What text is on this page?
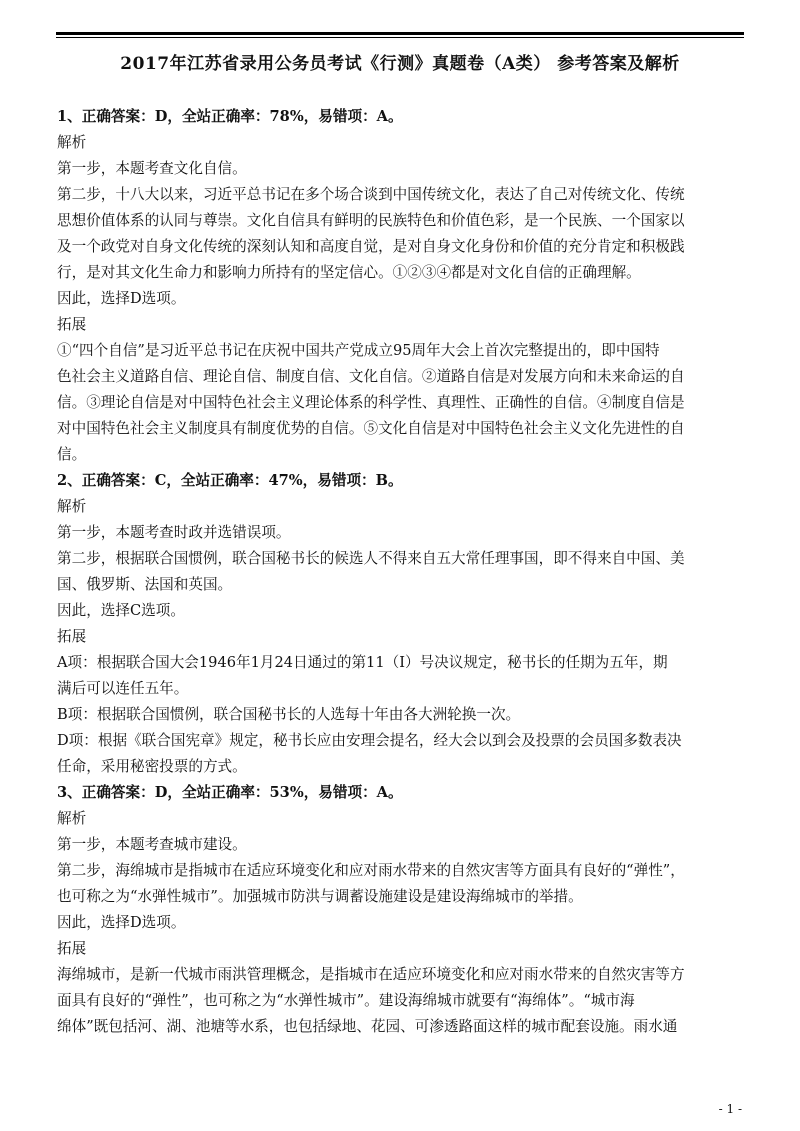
2017年江苏省录用公务员考试《行测》真题卷（A类） 参考答案及解析

1、正确答案：D，全站正确率：78%，易错项：A。

解析

第一步，本题考查文化自信。

第二步，十八大以来，习近平总书记在多个场合谈到中国传统文化，表达了自己对传统文化、传统

思想价值体系的认同与尊崇。文化自信具有鲜明的民族特色和价值色彩，是一个民族、一个国家以

及一个政党对自身文化传统的深刻认知和高度自觉，是对自身文化身份和价值的充分肯定和积极践

行，是对其文化生命力和影响力所持有的坚定信心。①②③④都是对文化自信的正确理解。

因此，选择D选项。

拓展

①“四个自信”是习近平总书记在庆祝中国共产党成立95周年大会上首次完整提出的，即中国特

色社会主义道路自信、理论自信、制度自信、文化自信。②道路自信是对发展方向和未来命运的自

信。③理论自信是对中国特色社会主义理论体系的科学性、真理性、正确性的自信。④制度自信是

对中国特色社会主义制度具有制度优势的自信。⑤文化自信是对中国特色社会主义文化先进性的自

信。

2、正确答案：C，全站正确率：47%，易错项：B。

解析

第一步，本题考查时政并选错误项。

第二步，根据联合国惯例，联合国秘书长的候选人不得来自五大常任理事国，即不得来自中国、美

国、俄罗斯、法国和英国。

因此，选择C选项。

拓展

A项：根据联合国大会1946年1月24日通过的第11（I）号决议规定，秘书长的任期为五年，期

满后可以连任五年。

B项：根据联合国惯例，联合国秘书长的人选每十年由各大洲轮换一次。

D项：根据《联合国宪章》规定，秘书长应由安理会提名，经大会以到会及投票的会员国多数表决

任命，采用秘密投票的方式。

3、正确答案：D，全站正确率：53%，易错项：A。

解析

第一步，本题考查城市建设。

第二步，海绵城市是指城市在适应环境变化和应对雨水带来的自然灾害等方面具有良好的“弹性”，

也可称之为“水弹性城市”。加强城市防洪与调蓄设施建设是建设海绵城市的举措。

因此，选择D选项。

拓展

海绵城市，是新一代城市雨洪管理概念，是指城市在适应环境变化和应对雨水带来的自然灾害等方

面具有良好的“弹性”，也可称之为“水弹性城市”。建设海绵城市就要有“海绵体”。“城市海

绵体”既包括河、湖、池塘等水系，也包括绿地、花园、可渗透路面这样的城市配套设施。雨水通

- 1 -
